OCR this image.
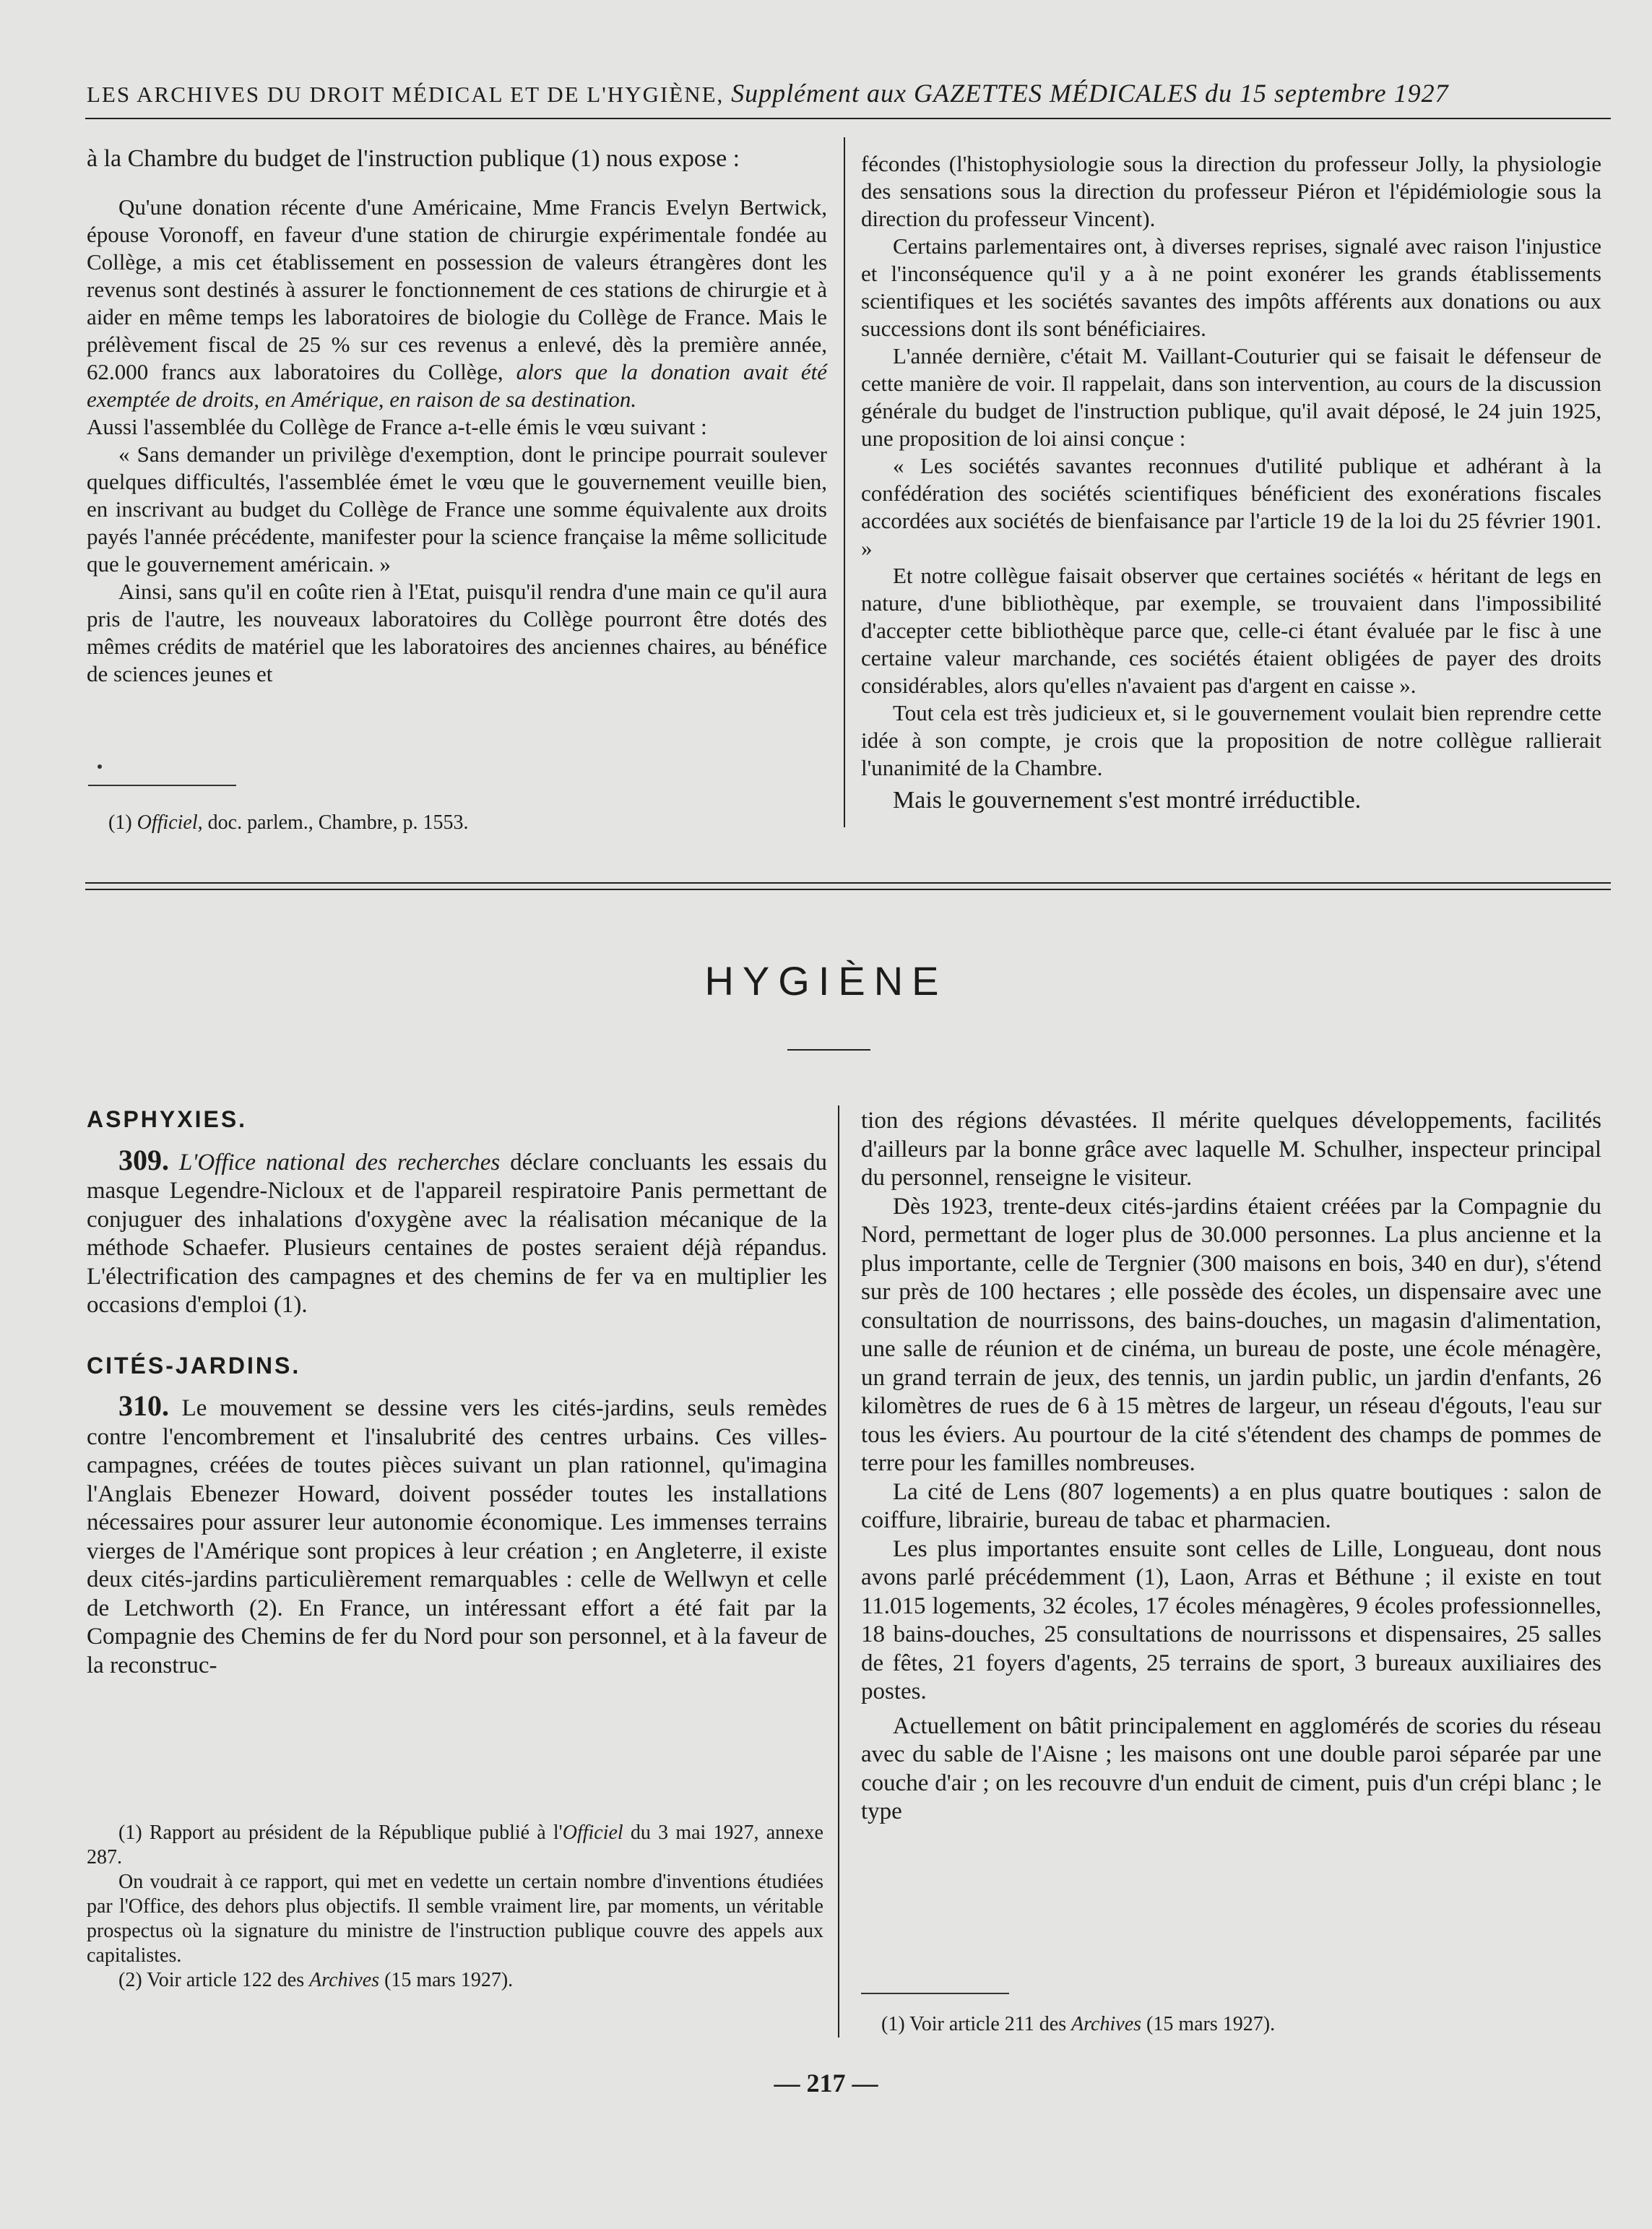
LES ARCHIVES DU DROIT MÉDICAL ET DE L'HYGIÈNE, Supplément aux GAZETTES MÉDICALES du 15 septembre 1927

à la Chambre du budget de l'instruction publique (1) nous expose :

Qu'une donation récente d'une Américaine, Mme Francis Evelyn Bertwick, épouse Voronoff, en faveur d'une station de chirurgie expérimentale fondée au Collège, a mis cet établissement en possession de valeurs étrangères dont les revenus sont destinés à assurer le fonctionnement de ces stations de chirurgie et à aider en même temps les laboratoires de biologie du Collège de France. Mais le prélèvement fiscal de 25 % sur ces revenus a enlevé, dès la première année, 62.000 francs aux laboratoires du Collège, alors que la donation avait été exemptée de droits, en Amérique, en raison de sa destination.

Aussi l'assemblée du Collège de France a-t-elle émis le vœu suivant :

« Sans demander un privilège d'exemption, dont le principe pourrait soulever quelques difficultés, l'assemblée émet le vœu que le gouvernement veuille bien, en inscrivant au budget du Collège de France une somme équivalente aux droits payés l'année précédente, manifester pour la science française la même sollicitude que le gouvernement américain. »

Ainsi, sans qu'il en coûte rien à l'Etat, puisqu'il rendra d'une main ce qu'il aura pris de l'autre, les nouveaux laboratoires du Collège pourront être dotés des mêmes crédits de matériel que les laboratoires des anciennes chaires, au bénéfice de sciences jeunes et

(1) Officiel, doc. parlem., Chambre, p. 1553.

fécondes (l'histophysiologie sous la direction du professeur Jolly, la physiologie des sensations sous la direction du professeur Piéron et l'épidémiologie sous la direction du professeur Vincent).

Certains parlementaires ont, à diverses reprises, signalé avec raison l'injustice et l'inconséquence qu'il y a à ne point exonérer les grands établissements scientifiques et les sociétés savantes des impôts afférents aux donations ou aux successions dont ils sont bénéficiaires.

L'année dernière, c'était M. Vaillant-Couturier qui se faisait le défenseur de cette manière de voir. Il rappelait, dans son intervention, au cours de la discussion générale du budget de l'instruction publique, qu'il avait déposé, le 24 juin 1925, une proposition de loi ainsi conçue :

« Les sociétés savantes reconnues d'utilité publique et adhérant à la confédération des sociétés scientifiques bénéficient des exonérations fiscales accordées aux sociétés de bienfaisance par l'article 19 de la loi du 25 février 1901. »

Et notre collègue faisait observer que certaines sociétés « héritant de legs en nature, d'une bibliothèque, par exemple, se trouvaient dans l'impossibilité d'accepter cette bibliothèque parce que, celle-ci étant évaluée par le fisc à une certaine valeur marchande, ces sociétés étaient obligées de payer des droits considérables, alors qu'elles n'avaient pas d'argent en caisse ».

Tout cela est très judicieux et, si le gouvernement voulait bien reprendre cette idée à son compte, je crois que la proposition de notre collègue rallierait l'unanimité de la Chambre.

Mais le gouvernement s'est montré irréductible.

HYGIÈNE
ASPHYXIES.

309. L'Office national des recherches déclare concluants les essais du masque Legendre-Nicloux et de l'appareil respiratoire Panis permettant de conjuguer des inhalations d'oxygène avec la réalisation mécanique de la méthode Schaefer. Plusieurs centaines de postes seraient déjà répandus. L'électrification des campagnes et des chemins de fer va en multiplier les occasions d'emploi (1).

CITÉS-JARDINS.

310. Le mouvement se dessine vers les cités-jardins, seuls remèdes contre l'encombrement et l'insalubrité des centres urbains. Ces villes-campagnes, créées de toutes pièces suivant un plan rationnel, qu'imagina l'Anglais Ebenezer Howard, doivent posséder toutes les installations nécessaires pour assurer leur autonomie économique. Les immenses terrains vierges de l'Amérique sont propices à leur création ; en Angleterre, il existe deux cités-jardins particulièrement remarquables : celle de Wellwyn et celle de Letchworth (2). En France, un intéressant effort a été fait par la Compagnie des Chemins de fer du Nord pour son personnel, et à la faveur de la reconstruc-

(1) Rapport au président de la République publié à l'Officiel du 3 mai 1927, annexe 287.

On voudrait à ce rapport, qui met en vedette un certain nombre d'inventions étudiées par l'Office, des dehors plus objectifs. Il semble vraiment lire, par moments, un véritable prospectus où la signature du ministre de l'instruction publique couvre des appels aux capitalistes.

(2) Voir article 122 des Archives (15 mars 1927).

tion des régions dévastées. Il mérite quelques développements, facilités d'ailleurs par la bonne grâce avec laquelle M. Schulher, inspecteur principal du personnel, renseigne le visiteur.

Dès 1923, trente-deux cités-jardins étaient créées par la Compagnie du Nord, permettant de loger plus de 30.000 personnes. La plus ancienne et la plus importante, celle de Tergnier (300 maisons en bois, 340 en dur), s'étend sur près de 100 hectares ; elle possède des écoles, un dispensaire avec une consultation de nourrissons, des bains-douches, un magasin d'alimentation, une salle de réunion et de cinéma, un bureau de poste, une école ménagère, un grand terrain de jeux, des tennis, un jardin public, un jardin d'enfants, 26 kilomètres de rues de 6 à 15 mètres de largeur, un réseau d'égouts, l'eau sur tous les éviers. Au pourtour de la cité s'étendent des champs de pommes de terre pour les familles nombreuses.

La cité de Lens (807 logements) a en plus quatre boutiques : salon de coiffure, librairie, bureau de tabac et pharmacien.

Les plus importantes ensuite sont celles de Lille, Longueau, dont nous avons parlé précédemment (1), Laon, Arras et Béthune ; il existe en tout 11.015 logements, 32 écoles, 17 écoles ménagères, 9 écoles professionnelles, 18 bains-douches, 25 consultations de nourrissons et dispensaires, 25 salles de fêtes, 21 foyers d'agents, 25 terrains de sport, 3 bureaux auxiliaires des postes.

Actuellement on bâtit principalement en agglomérés de scories du réseau avec du sable de l'Aisne ; les maisons ont une double paroi séparée par une couche d'air ; on les recouvre d'un enduit de ciment, puis d'un crépi blanc ; le type

(1) Voir article 211 des Archives (15 mars 1927).
— 217 —
